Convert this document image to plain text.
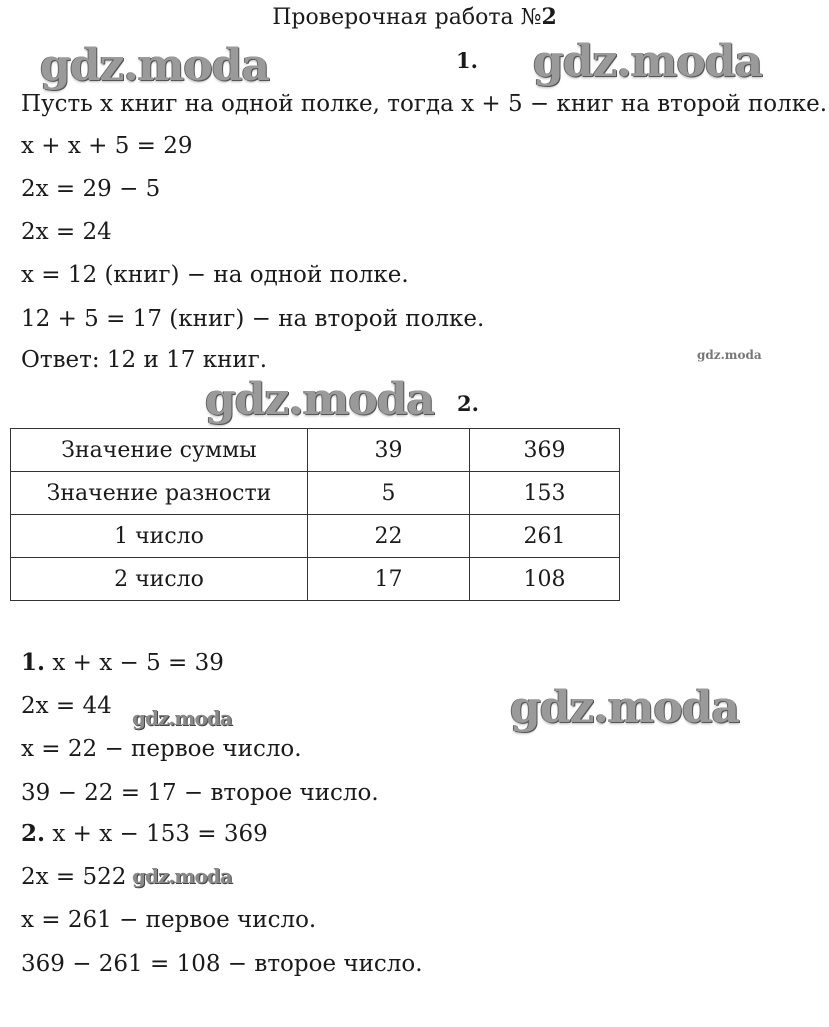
Проверочная работа №2
gdz.moda	gdz.moda
gdz.moda
gdz.moda
gdz.moda
gdz.moda
gdz.moda
1.
Пусть x книг на одной полке, тогда x + 5 − книг на второй полке.
x + x + 5 = 29
2x = 29 − 5
2x = 24
x = 12 (книг) − на одной полке.
12 + 5 = 17 (книг) − на второй полке.
Ответ: 12 и 17 книг.
2.
Значение суммы	39	369
Значение разности	5	153
1 число	22	261
2 число	17	108
1. x + x − 5 = 39
2x = 44
x = 22 − первое число.
39 − 22 = 17 − второе число.
2. x + x − 153 = 369
2x = 522
x = 261 − первое число.
369 − 261 = 108 − второе число.
